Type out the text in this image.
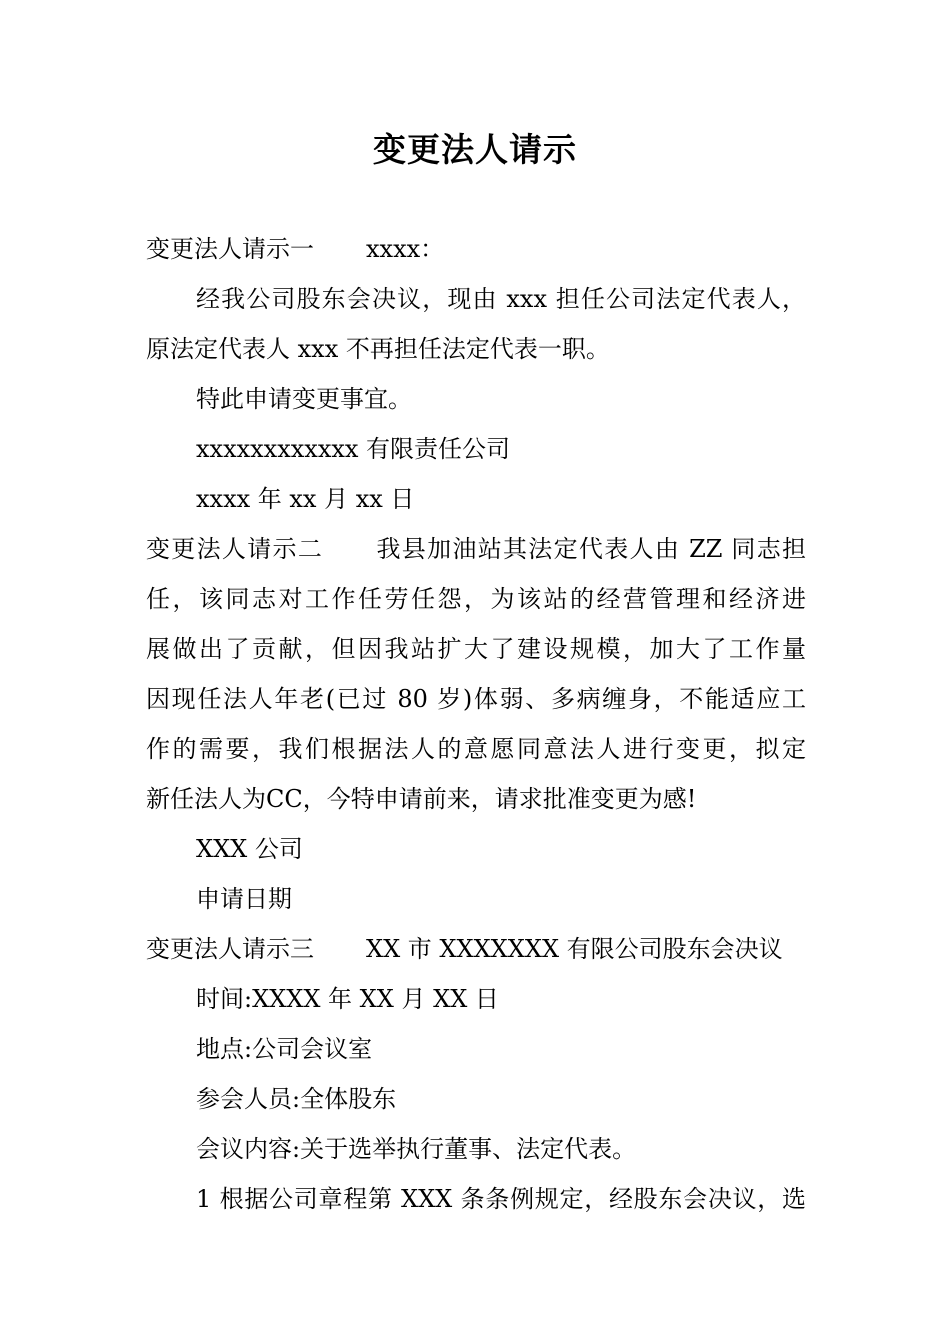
变更法人请示
变更法人请示一 xxxx：
经我公司股东会决议，现由 xxx 担任公司法定代表人，
原法定代表人 xxx 不再担任法定代表一职。
特此申请变更事宜。
xxxxxxxxxxxx 有限责任公司
xxxx 年 xx 月 xx 日
变更法人请示二 我县加油站其法定代表人由 ZZ 同志担
任，该同志对工作任劳任怨，为该站的经营管理和经济进
展做出了贡献，但因我站扩大了建设规模，加大了工作量
因现任法人年老(已过 80 岁)体弱、多病缠身，不能适应工
作的需要，我们根据法人的意愿同意法人进行变更，拟定
新任法人为CC，今特申请前来，请求批准变更为感!
XXX 公司
申请日期
变更法人请示三 XX 市 XXXXXXX 有限公司股东会决议
时间:XXXX 年 XX 月 XX 日
地点:公司会议室
参会人员:全体股东
会议内容:关于选举执行董事、法定代表。
1 根据公司章程第 XXX 条条例规定，经股东会决议，选
